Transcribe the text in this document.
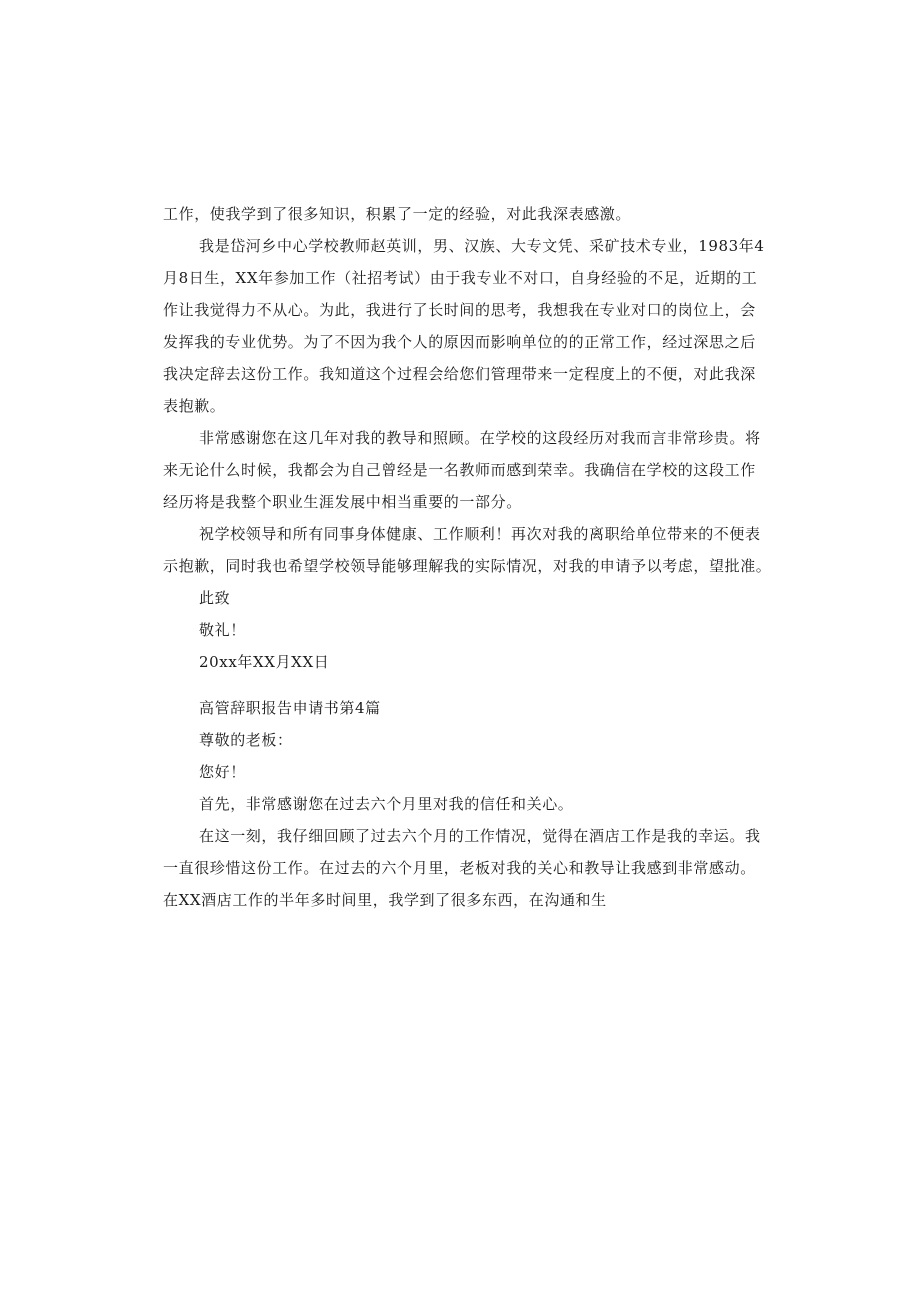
工作，使我学到了很多知识，积累了一定的经验，对此我深表感激。

我是岱河乡中心学校教师赵英训，男、汉族、大专文凭、采矿技术专业，1983年4
月8日生，XX年参加工作（社招考试）由于我专业不对口，自身经验的不足，近期的工
作让我觉得力不从心。为此，我进行了长时间的思考，我想我在专业对口的岗位上，会
发挥我的专业优势。为了不因为我个人的原因而影响单位的的正常工作，经过深思之后
我决定辞去这份工作。我知道这个过程会给您们管理带来一定程度上的不便，对此我深
表抱歉。

非常感谢您在这几年对我的教导和照顾。在学校的这段经历对我而言非常珍贵。将
来无论什么时候，我都会为自己曾经是一名教师而感到荣幸。我确信在学校的这段工作
经历将是我整个职业生涯发展中相当重要的一部分。

祝学校领导和所有同事身体健康、工作顺利！再次对我的离职给单位带来的不便表
示抱歉，同时我也希望学校领导能够理解我的实际情况，对我的申请予以考虑，望批准。

此致

敬礼！

20xx年XX月XX日

高管辞职报告申请书第4篇

尊敬的老板：

您好！

首先，非常感谢您在过去六个月里对我的信任和关心。

在这一刻，我仔细回顾了过去六个月的工作情况，觉得在酒店工作是我的幸运。我
一直很珍惜这份工作。在过去的六个月里，老板对我的关心和教导让我感到非常感动。
在XX酒店工作的半年多时间里，我学到了很多东西，在沟通和生
